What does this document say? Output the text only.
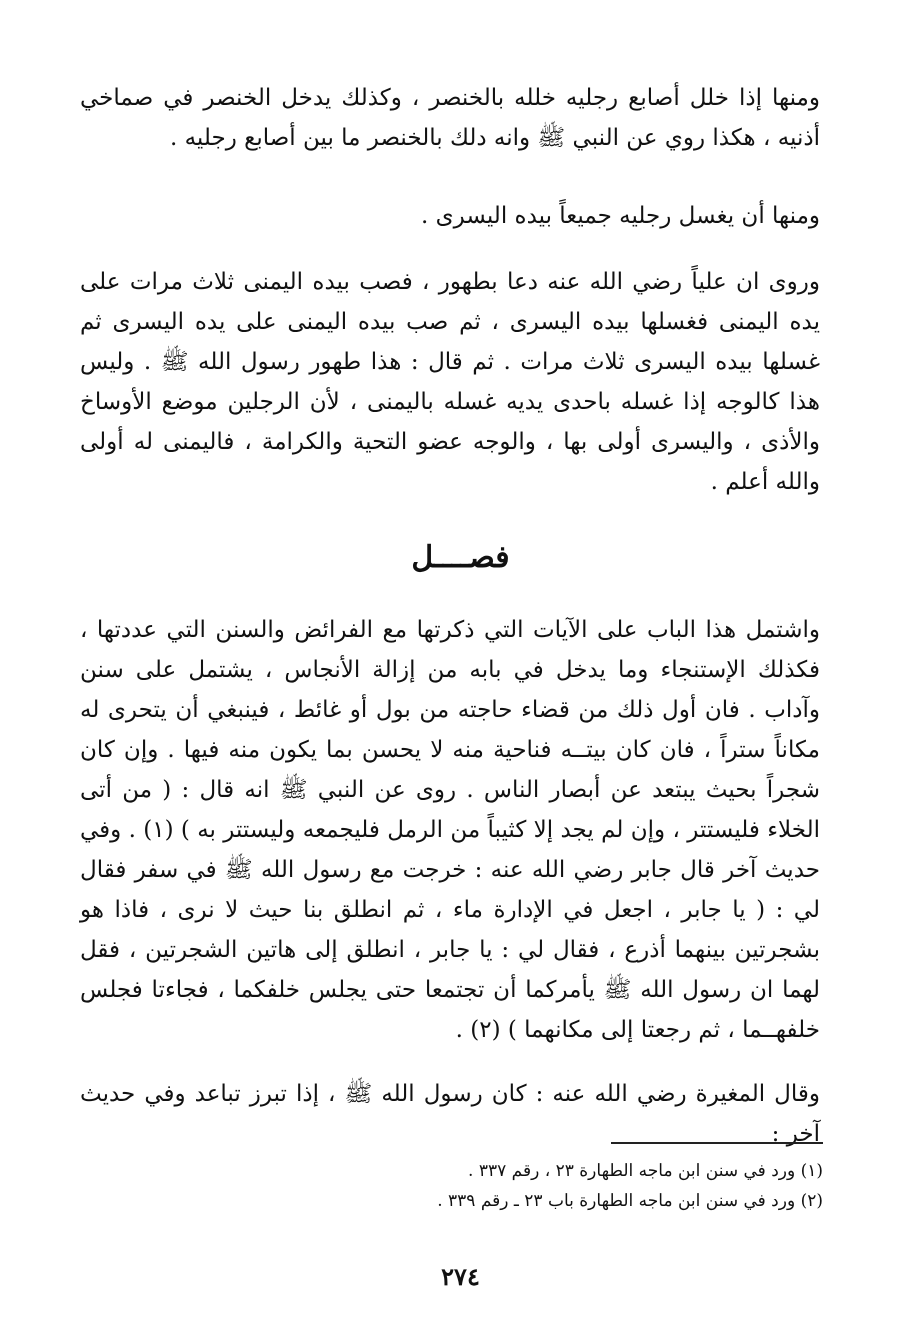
ومنها إذا خلل أصابع رجليه خلله بالخنصر ، وكذلك يدخل الخنصر في صماخي أذنيه ، هكذا روي عن النبي ﷺ وانه دلك بالخنصر ما بين أصابع رجليه .
ومنها أن يغسل رجليه جميعاً بيده اليسرى .
وروى ان علياً رضي الله عنه دعا بطهور ، فصب بيده اليمنى ثلاث مرات على يده اليمنى فغسلها بيده اليسرى ، ثم صب بيده اليمنى على يده اليسرى ثم غسلها بيده اليسرى ثلاث مرات . ثم قال : هذا طهور رسول الله ﷺ . وليس هذا كالوجه إذا غسله باحدى يديه غسله باليمنى ، لأن الرجلين موضع الأوساخ والأذى ، واليسرى أولى بها ، والوجه عضو التحية والكرامة ، فاليمنى له أولى والله أعلم .
فصــــل
واشتمل هذا الباب على الآيات التي ذكرتها مع الفرائض والسنن التي عددتها ، فكذلك الإستنجاء وما يدخل في بابه من إزالة الأنجاس ، يشتمل على سنن وآداب . فان أول ذلك من قضاء حاجته من بول أو غائط ، فينبغي أن يتحرى له مكاناً ستراً ، فان كان بيتــه فناحية منه لا يحسن بما يكون منه فيها . وإن كان شجراً بحيث يبتعد عن أبصار الناس . روى عن النبي ﷺ انه قال : ( من أتى الخلاء فليستتر ، وإن لم يجد إلا كثيباً من الرمل فليجمعه وليستتر به ) (١) . وفي حديث آخر قال جابر رضي الله عنه : خرجت مع رسول الله ﷺ في سفر فقال لي : ( يا جابر ، اجعل في الإدارة ماء ، ثم انطلق بنا حيث لا نرى ، فاذا هو بشجرتين بينهما أذرع ، فقال لي : يا جابر ، انطلق إلى هاتين الشجرتين ، فقل لهما ان رسول الله ﷺ يأمركما أن تجتمعا حتى يجلس خلفكما ، فجاءتا فجلس خلفهــما ، ثم رجعتا إلى مكانهما ) (٢) .
وقال المغيرة رضي الله عنه : كان رسول الله ﷺ ، إذا تبرز تباعد وفي حديث آخر :
(١) ورد في سنن ابن ماجه الطهارة ٢٣ ، رقم ٣٣٧ .
(٢) ورد في سنن ابن ماجه الطهارة باب ٢٣ ـ رقم ٣٣٩ .
٢٧٤
